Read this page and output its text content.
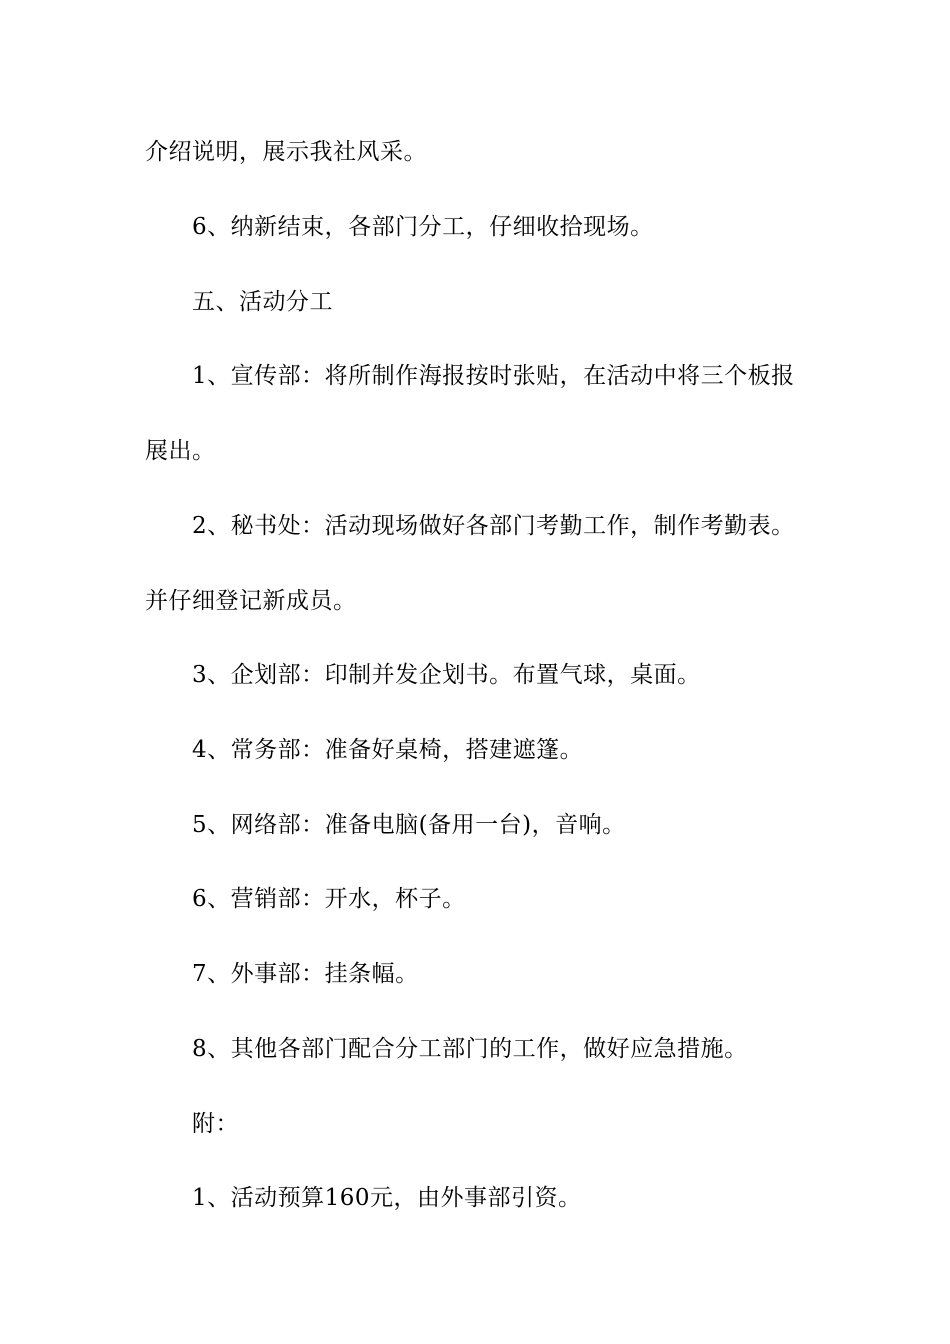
介绍说明，展示我社风采。
6、纳新结束，各部门分工，仔细收拾现场。
五、活动分工
1、宣传部：将所制作海报按时张贴，在活动中将三个板报
展出。
2、秘书处：活动现场做好各部门考勤工作，制作考勤表。
并仔细登记新成员。
3、企划部：印制并发企划书。布置气球，桌面。
4、常务部：准备好桌椅，搭建遮篷。
5、网络部：准备电脑(备用一台)，音响。
6、营销部：开水，杯子。
7、外事部：挂条幅。
8、其他各部门配合分工部门的工作，做好应急措施。
附：
1、活动预算160元，由外事部引资。
